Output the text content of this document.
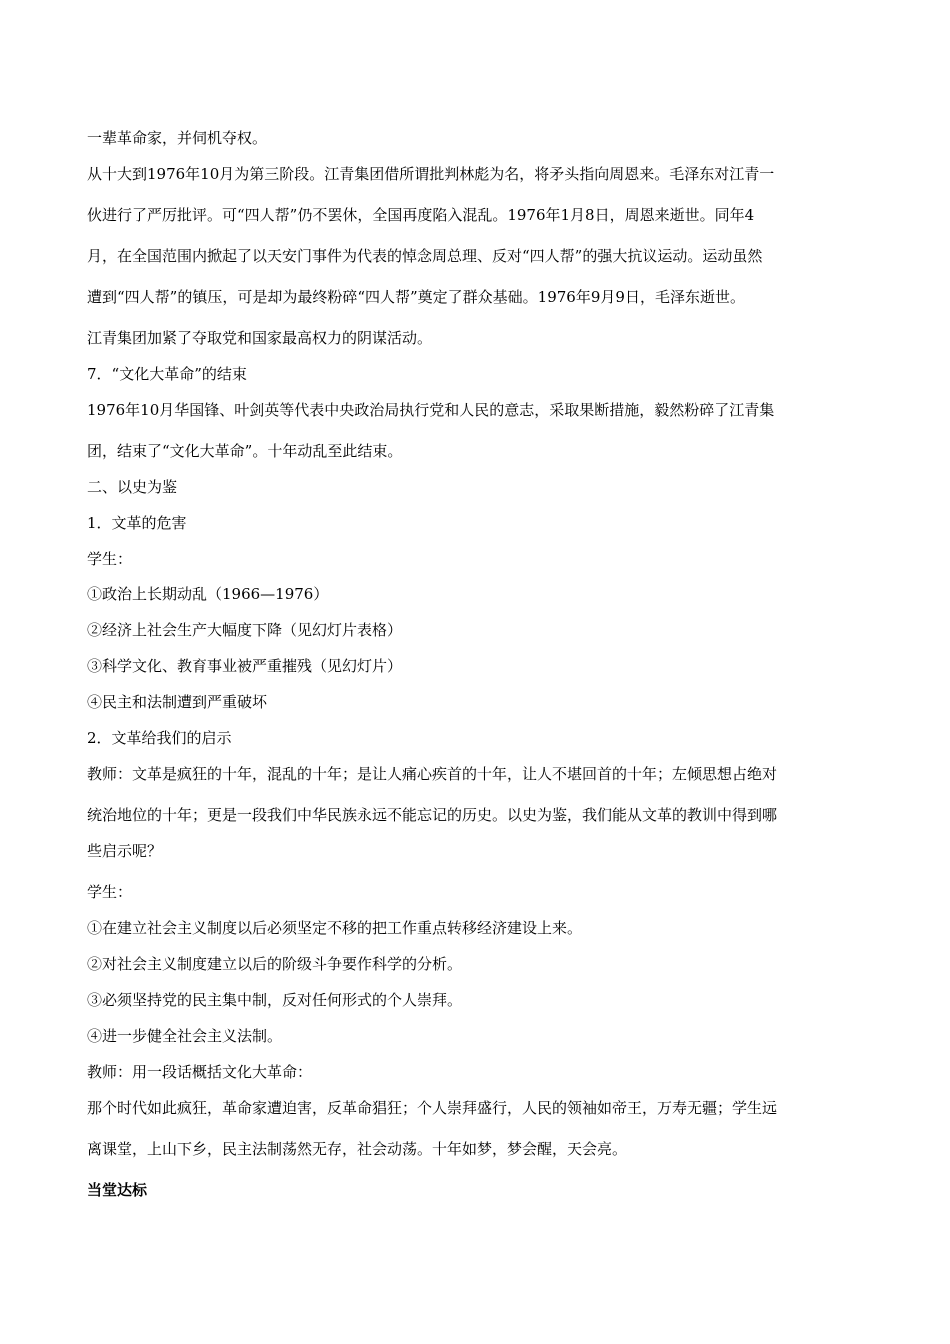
一辈革命家，并伺机夺权。
从十大到1976年10月为第三阶段。江青集团借所谓批判林彪为名，将矛头指向周恩来。毛泽东对江青一
伙进行了严厉批评。可“四人帮”仍不罢休，全国再度陷入混乱。1976年1月8日，周恩来逝世。同年4
月，在全国范围内掀起了以天安门事件为代表的悼念周总理、反对“四人帮”的强大抗议运动。运动虽然
遭到“四人帮”的镇压，可是却为最终粉碎“四人帮”奠定了群众基础。1976年9月9日，毛泽东逝世。
江青集团加紧了夺取党和国家最高权力的阴谋活动。
7．“文化大革命”的结束
1976年10月华国锋、叶剑英等代表中央政治局执行党和人民的意志，采取果断措施，毅然粉碎了江青集
团，结束了“文化大革命”。十年动乱至此结束。
二、以史为鉴
1．文革的危害
学生：
①政治上长期动乱（1966—1976）
②经济上社会生产大幅度下降（见幻灯片表格）
③科学文化、教育事业被严重摧残（见幻灯片）
④民主和法制遭到严重破坏
2．文革给我们的启示
教师：文革是疯狂的十年，混乱的十年；是让人痛心疾首的十年，让人不堪回首的十年；左倾思想占绝对
统治地位的十年；更是一段我们中华民族永远不能忘记的历史。以史为鉴，我们能从文革的教训中得到哪
些启示呢？
学生：
①在建立社会主义制度以后必须坚定不移的把工作重点转移经济建设上来。
②对社会主义制度建立以后的阶级斗争要作科学的分析。
③必须坚持党的民主集中制，反对任何形式的个人崇拜。
④进一步健全社会主义法制。
教师：用一段话概括文化大革命：
那个时代如此疯狂，革命家遭迫害，反革命猖狂；个人崇拜盛行，人民的领袖如帝王，万寿无疆；学生远
离课堂，上山下乡，民主法制荡然无存，社会动荡。十年如梦，梦会醒，天会亮。
当堂达标
